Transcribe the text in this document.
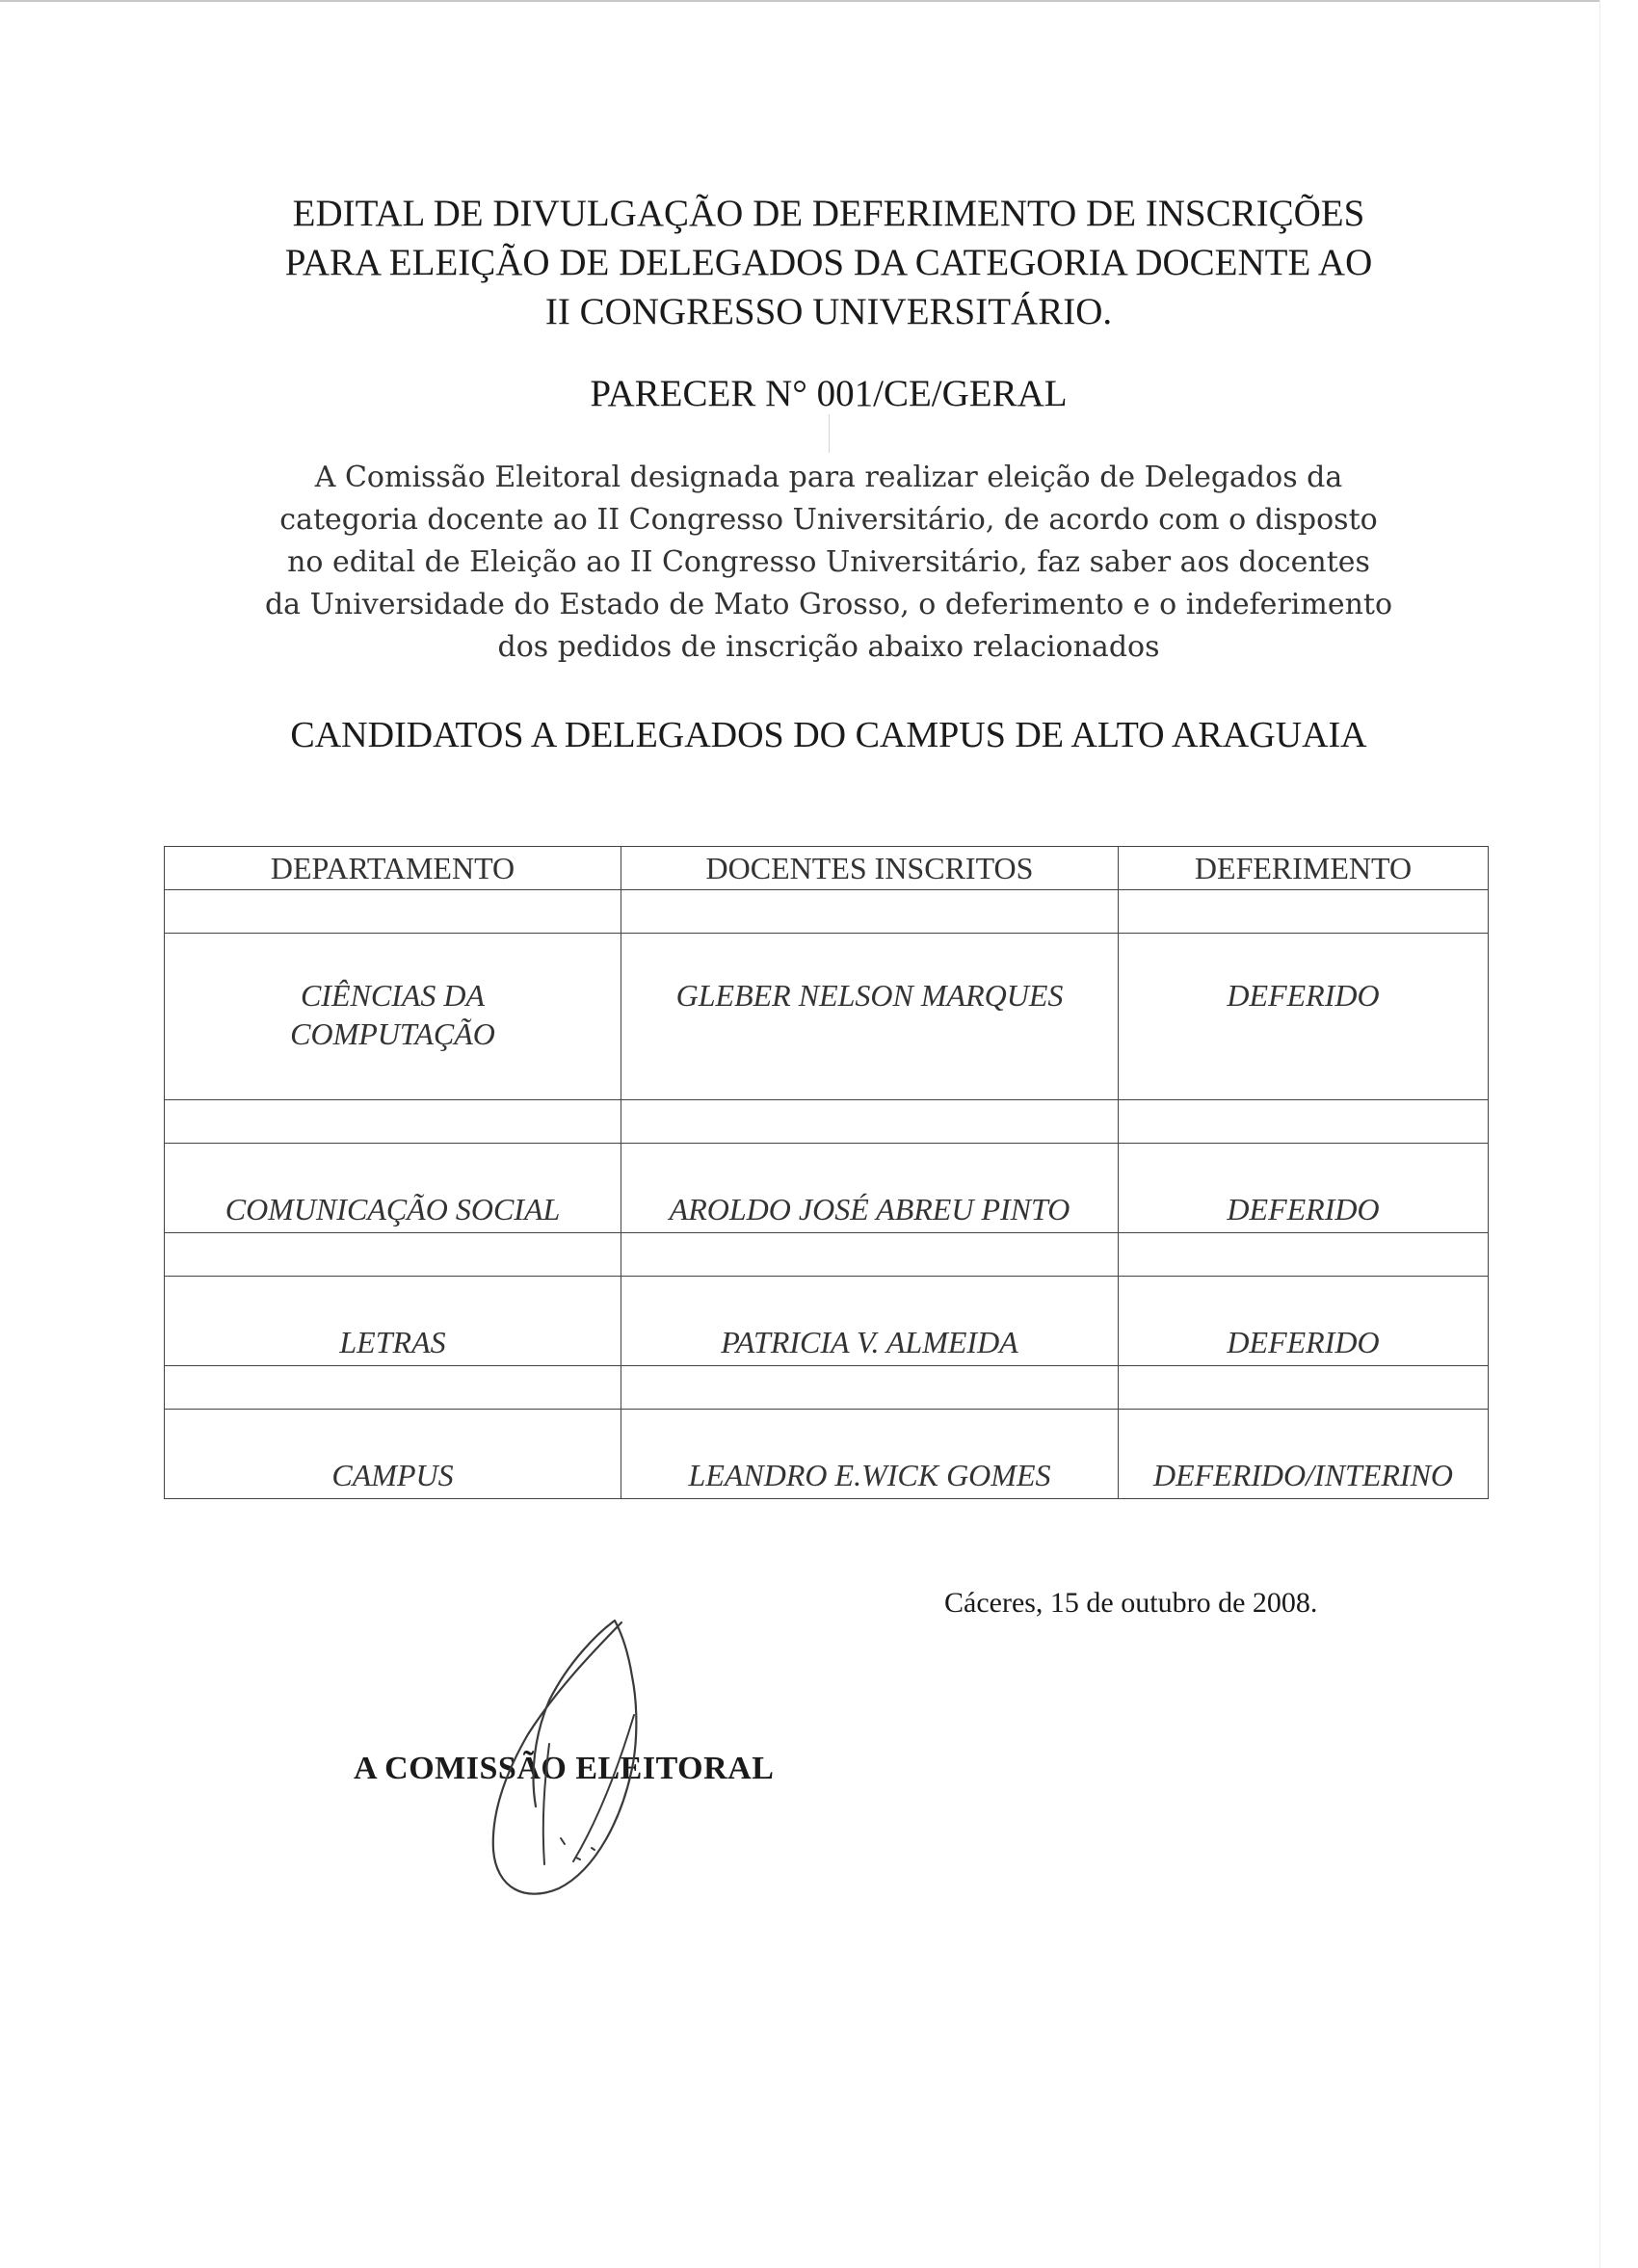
EDITAL DE DIVULGAÇÃO DE DEFERIMENTO DE INSCRIÇÕES
PARA ELEIÇÃO DE DELEGADOS DA CATEGORIA DOCENTE AO
II CONGRESSO UNIVERSITÁRIO.
PARECER N° 001/CE/GERAL
A Comissão Eleitoral designada para realizar eleição de Delegados da
categoria docente ao II Congresso Universitário, de acordo com o disposto
no edital de Eleição ao II Congresso Universitário, faz saber aos docentes
da Universidade do Estado de Mato Grosso, o deferimento e o indeferimento
dos pedidos de inscrição abaixo relacionados
CANDIDATOS A DELEGADOS DO CAMPUS DE ALTO ARAGUAIA
DEPARTAMENTO	DOCENTES INSCRITOS	DEFERIMENTO

CIÊNCIAS DA
COMPUTAÇÃO	GLEBER NELSON MARQUES	DEFERIDO

COMUNICAÇÃO SOCIAL	AROLDO JOSÉ ABREU PINTO	DEFERIDO

LETRAS	PATRICIA V. ALMEIDA	DEFERIDO

CAMPUS	LEANDRO E.WICK GOMES	DEFERIDO/INTERINO
Cáceres, 15 de outubro de 2008.
A COMISSÃO ELEITORAL
